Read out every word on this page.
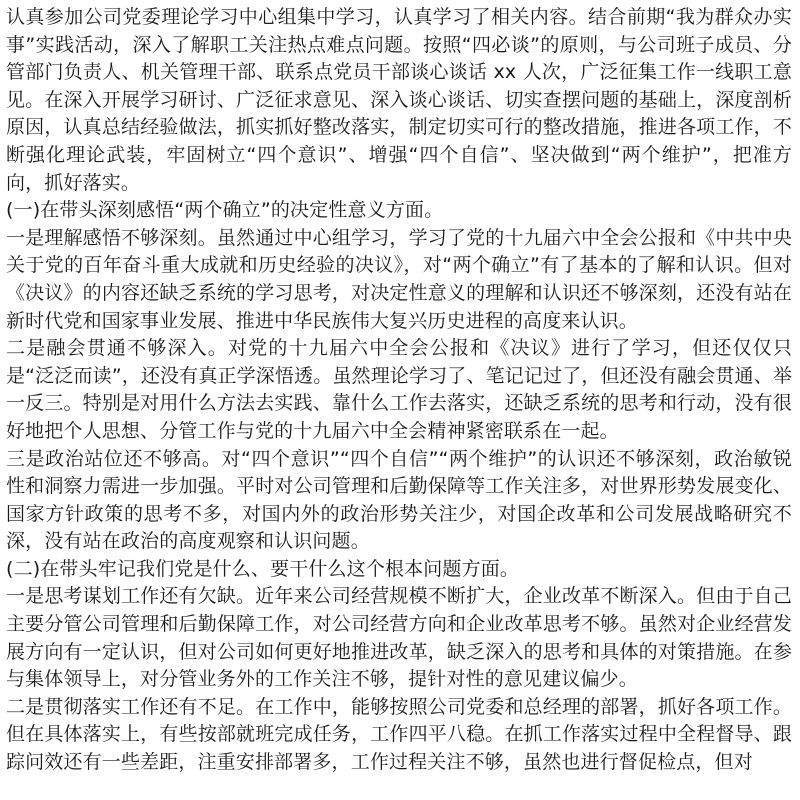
认真参加公司党委理论学习中心组集中学习，认真学习了相关内容。结合前期“我为群众办实事”实践活动，深入了解职工关注热点难点问题。按照“四必谈”的原则，与公司班子成员、分管部门负责人、机关管理干部、联系点党员干部谈心谈话 xx 人次，广泛征集工作一线职工意见。在深入开展学习研讨、广泛征求意见、深入谈心谈话、切实查摆问题的基础上，深度剖析原因，认真总结经验做法，抓实抓好整改落实，制定切实可行的整改措施，推进各项工作，不断强化理论武装，牢固树立“四个意识”、增强“四个自信”、坚决做到“两个维护”，把准方向，抓好落实。

(一)在带头深刻感悟“两个确立”的决定性意义方面。

一是理解感悟不够深刻。虽然通过中心组学习，学习了党的十九届六中全会公报和《中共中央关于党的百年奋斗重大成就和历史经验的决议》，对“两个确立”有了基本的了解和认识。但对《决议》的内容还缺乏系统的学习思考，对决定性意义的理解和认识还不够深刻，还没有站在新时代党和国家事业发展、推进中华民族伟大复兴历史进程的高度来认识。

二是融会贯通不够深入。对党的十九届六中全会公报和《决议》进行了学习，但还仅仅只是“泛泛而读”，还没有真正学深悟透。虽然理论学习了、笔记记过了，但还没有融会贯通、举一反三。特别是对用什么方法去实践、靠什么工作去落实，还缺乏系统的思考和行动，没有很好地把个人思想、分管工作与党的十九届六中全会精神紧密联系在一起。

三是政治站位还不够高。对“四个意识”“四个自信”“两个维护”的认识还不够深刻，政治敏锐性和洞察力需进一步加强。平时对公司管理和后勤保障等工作关注多，对世界形势发展变化、国家方针政策的思考不多，对国内外的政治形势关注少，对国企改革和公司发展战略研究不深，没有站在政治的高度观察和认识问题。

(二)在带头牢记我们党是什么、要干什么这个根本问题方面。

一是思考谋划工作还有欠缺。近年来公司经营规模不断扩大，企业改革不断深入。但由于自己主要分管公司管理和后勤保障工作，对公司经营方向和企业改革思考不够。虽然对企业经营发展方向有一定认识，但对公司如何更好地推进改革，缺乏深入的思考和具体的对策措施。在参与集体领导上，对分管业务外的工作关注不够，提针对性的意见建议偏少。

二是贯彻落实工作还有不足。在工作中，能够按照公司党委和总经理的部署，抓好各项工作。但在具体落实上，有些按部就班完成任务，工作四平八稳。在抓工作落实过程中全程督导、跟踪问效还有一些差距，注重安排部署多，工作过程关注不够，虽然也进行督促检点，但对
